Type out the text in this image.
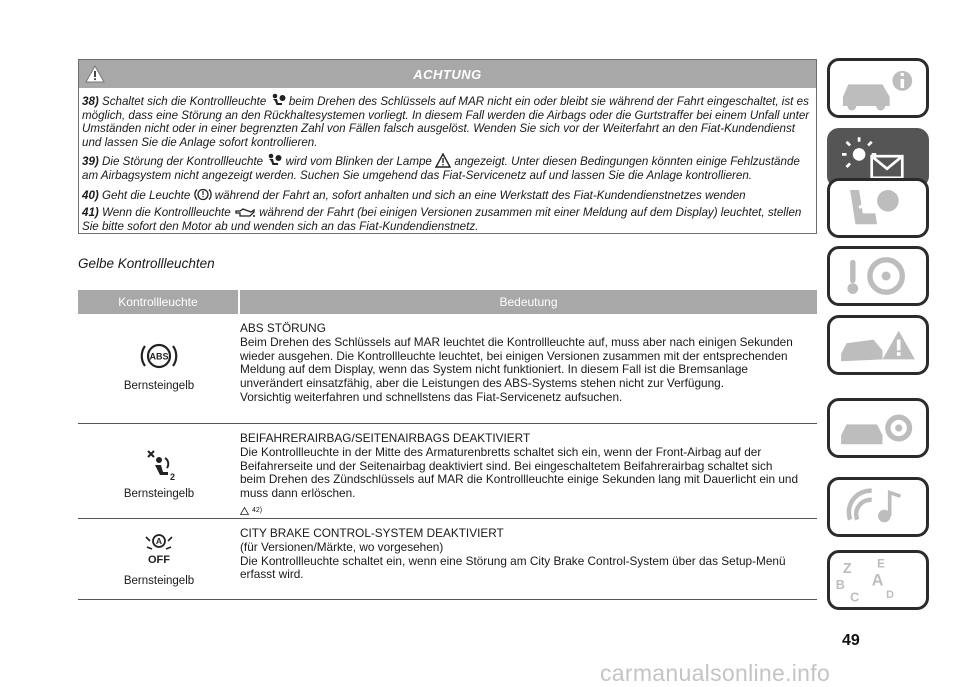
ACHTUNG

38) Schaltet sich die Kontrollleuchte beim Drehen des Schlüssels auf MAR nicht ein oder bleibt sie während der Fahrt eingeschaltet, ist es möglich, dass eine Störung an den Rückhaltesystemen vorliegt. In diesem Fall werden die Airbags oder die Gurtstraffer bei einem Unfall unter Umständen nicht oder in einer begrenzten Zahl von Fällen falsch ausgelöst. Wenden Sie sich vor der Weiterfahrt an den Fiat-Kundendienst und lassen Sie die Anlage sofort kontrollieren.

39) Die Störung der Kontrollleuchte wird vom Blinken der Lampe angezeigt. Unter diesen Bedingungen könnten einige Fehlzustände am Airbagsystem nicht angezeigt werden. Suchen Sie umgehend das Fiat-Servicenetz auf und lassen Sie die Anlage kontrollieren.

40) Geht die Leuchte während der Fahrt an, sofort anhalten und sich an eine Werkstatt des Fiat-Kundendienstnetzes wenden

41) Wenn die Kontrollleuchte während der Fahrt (bei einigen Versionen zusammen mit einer Meldung auf dem Display) leuchtet, stellen Sie bitte sofort den Motor ab und wenden sich an das Fiat-Kundendienstnetz.

Gelbe Kontrollleuchten
Kontrollleuchte	Bedeutung
ABS
Bernsteingelb

ABS STÖRUNG

Beim Drehen des Schlüssels auf MAR leuchtet die Kontrollleuchte auf, muss aber nach einigen Sekunden wieder ausgehen. Die Kontrollleuchte leuchtet, bei einigen Versionen zusammen mit der entsprechenden Meldung auf dem Display, wenn das System nicht funktioniert. In diesem Fall ist die Bremsanlage unverändert einsatzfähig, aber die Leistungen des ABS-Systems stehen nicht zur Verfügung.

Vorsichtig weiterfahren und schnellstens das Fiat-Servicenetz aufsuchen.

2
Bernsteingelb

BEIFAHRERAIRBAG/SEITENAIRBAGS DEAKTIVIERT

Die Kontrollleuchte in der Mitte des Armaturenbretts schaltet sich ein, wenn der Front-Airbag auf der Beifahrerseite und der Seitenairbag deaktiviert sind. Bei eingeschaltetem Beifahrerairbag schaltet sich beim Drehen des Zündschlüssels auf MAR die Kontrollleuchte einige Sekunden lang mit Dauerlicht ein und muss dann erlöschen.

42)
A
OFF
Bernsteingelb

CITY BRAKE CONTROL-SYSTEM DEAKTIVIERT

(für Versionen/Märkte, wo vorgesehen)

Die Kontrollleuchte schaltet ein, wenn eine Störung am City Brake Control-System über das Setup-Menü erfasst wird.	Z E
A
B
C D
49
carmanualsonline.info
